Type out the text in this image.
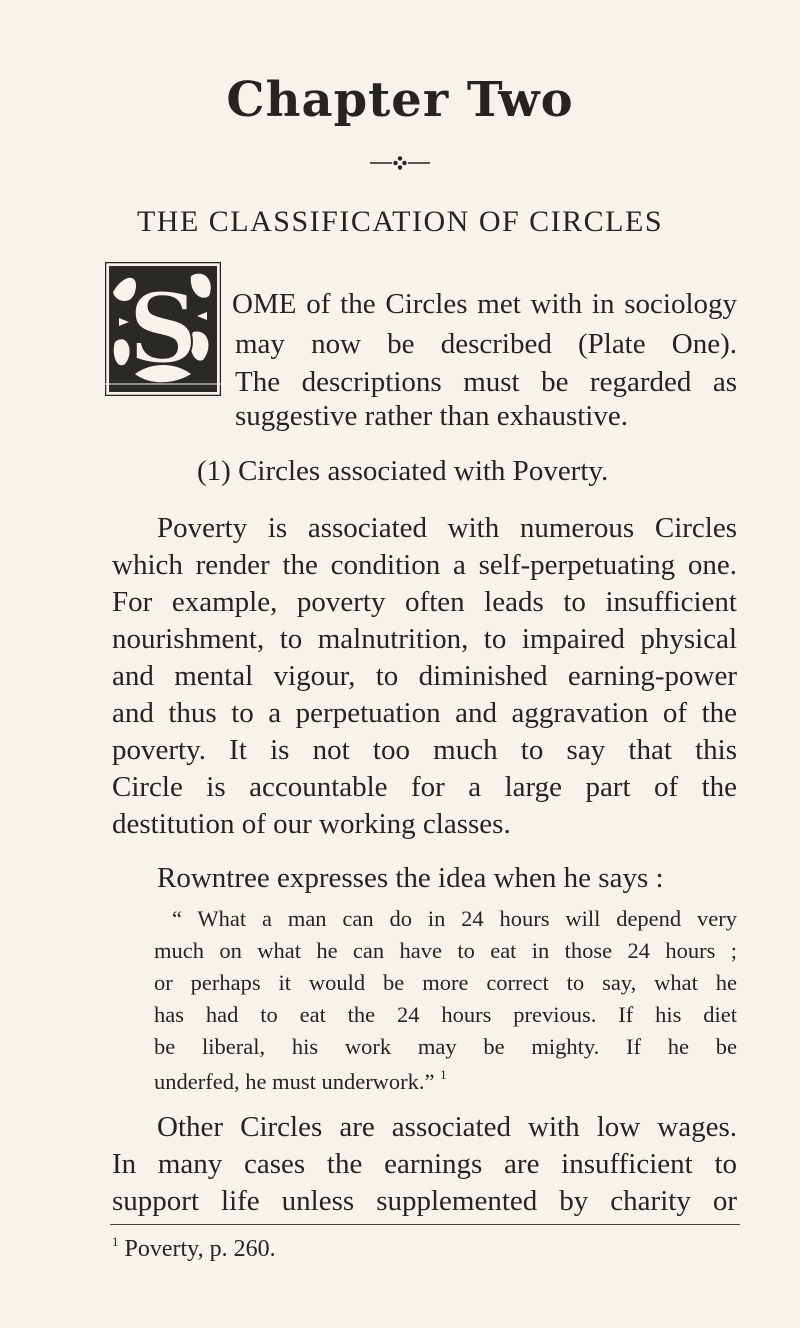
Chapter Two
THE CLASSIFICATION OF CIRCLES
S OME of the Circles met with in sociology
may now be described (Plate One).
The descriptions must be regarded as
suggestive rather than exhaustive.
(1) Circles associated with Poverty.
Poverty is associated with numerous Circles
which render the condition a self-perpetuating one.
For example, poverty often leads to insufficient
nourishment, to malnutrition, to impaired physical
and mental vigour, to diminished earning-power
and thus to a perpetuation and aggravation of the
poverty. It is not too much to say that this
Circle is accountable for a large part of the
destitution of our working classes.
Rowntree expresses the idea when he says :
“ What a man can do in 24 hours will depend very
much on what he can have to eat in those 24 hours ;
or perhaps it would be more correct to say, what he
has had to eat the 24 hours previous. If his diet
be liberal, his work may be mighty. If he be
underfed, he must underwork.” $^1$
Other Circles are associated with low wages.
In many cases the earnings are insufficient to
support life unless supplemented by charity or
$^1$ Poverty, p. 260.
